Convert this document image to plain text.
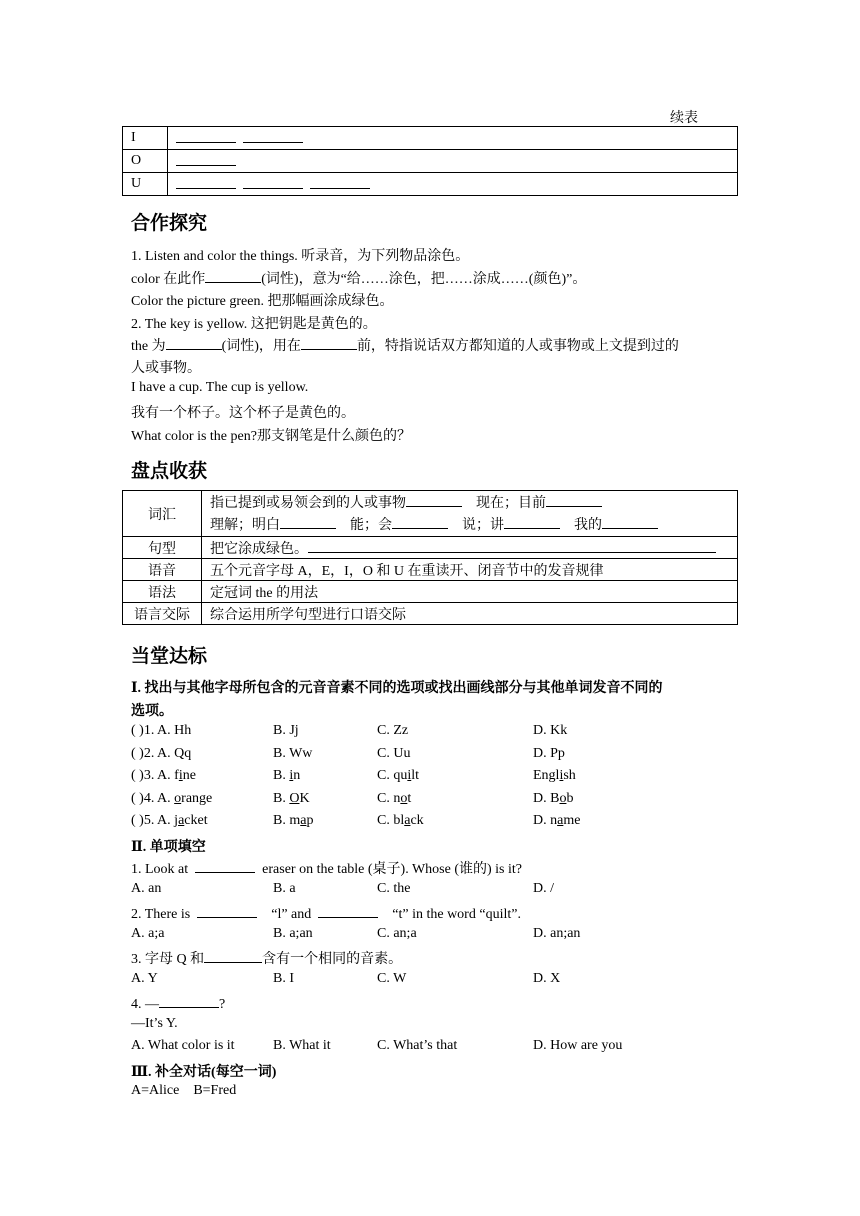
续表
I	
O	
U	
合作探究
1. Listen and color the things. 听录音，为下列物品涂色。
color 在此作	(词性)，意为“给……涂色，把……涂成……(颜色)”。
Color the picture green. 把那幅画涂成绿色。
2. The key is yellow. 这把钥匙是黄色的。
the 为	(词性)，用在	前，特指说话双方都知道的人或事物或上文提到过的
人或事物。
I have a cup. The cup is yellow.
我有一个杯子。这个杯子是黄色的。
What color is the pen?那支钢笔是什么颜色的？
盘点收获
词汇	指已提到或易领会到的人或事物 现在；目前
理解；明白 能；会 说；讲 我的

句型	把它涂成绿色。
语音	五个元音字母 A，E，I，O 和 U 在重读开、闭音节中的发音规律
语法	定冠词 the 的用法
语言交际	综合运用所学句型进行口语交际
当堂达标
Ⅰ. 找出与其他字母所包含的元音音素不同的选项或找出画线部分与其他单词发音不同的
选项。
( )1. A. Hh	B. Jj	C. Zz	D. Kk
( )2. A. Qq	B. Ww	C. Uu	D. Pp
( )3. A. fine	B. in	C. quilt	English
( )4. A. orange	B. OK	C. not	D. Bob
( )5. A. jacket	B. map	C. black	D. name
Ⅱ. 单项填空
1. Look at	eraser on the table (桌子). Whose (谁的) is it?
A. an	B. a	C. the	D. /
2. There is	“l” and	“t” in the word “quilt”.
A. a;a	B. a;an	C. an;a	D. an;an
3. 字母 Q 和	含有一个相同的音素。
A. Y	B. I	C. W	D. X
4. —	?
—It’s Y.
A. What color is it	B. What it	C. What’s that	D. How are you
Ⅲ. 补全对话(每空一词)
A=Alice    B=Fred
